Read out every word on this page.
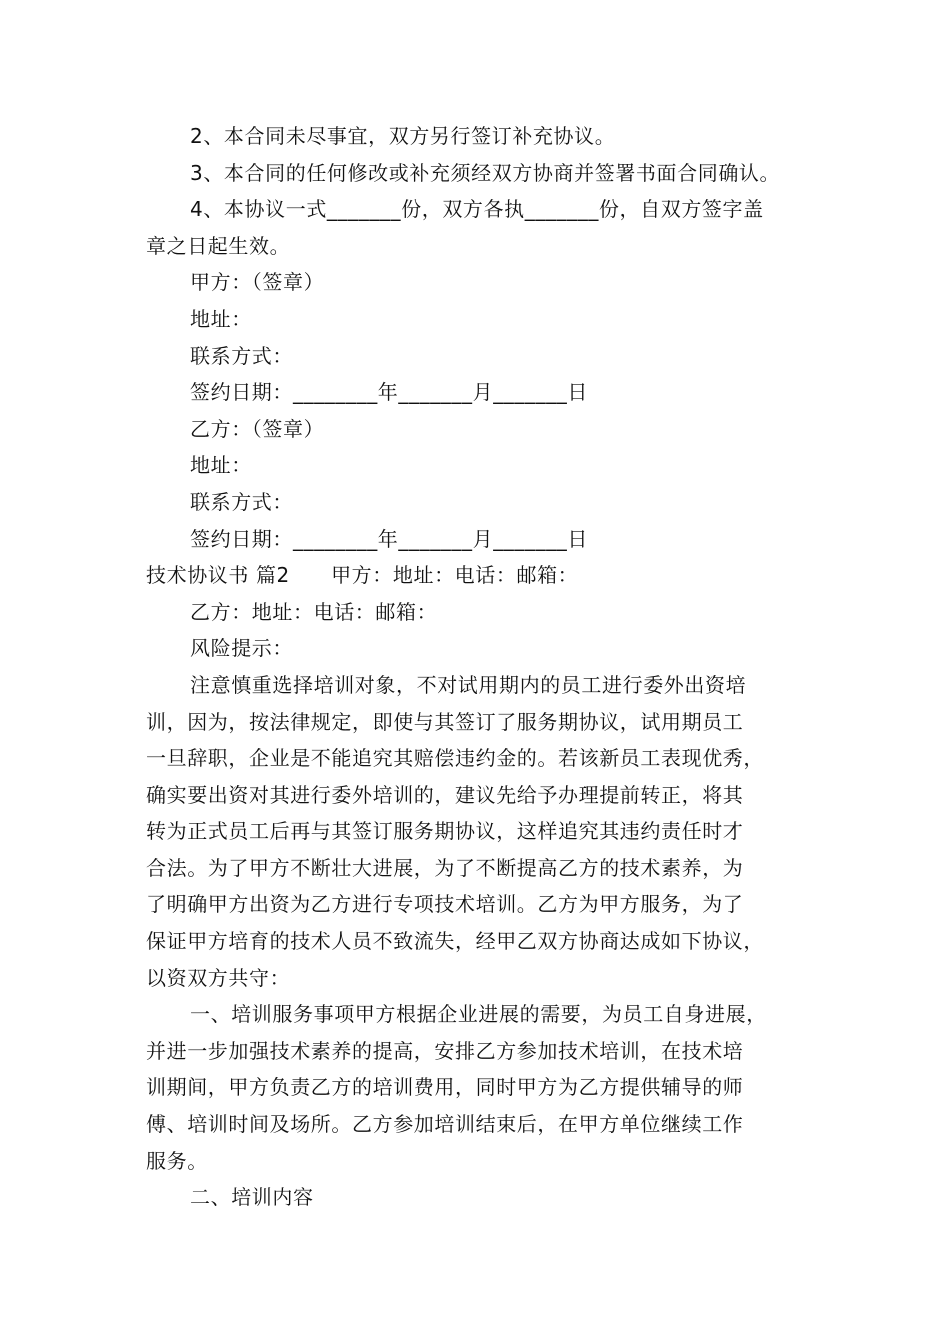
2、本合同未尽事宜，双方另行签订补充协议。
3、本合同的任何修改或补充须经双方协商并签署书面合同确认。
4、本协议一式_______份，双方各执_______份，自双方签字盖
章之日起生效。
甲方：（签章）
地址：
联系方式：
签约日期：________年_______月_______日
乙方：（签章）
地址：
联系方式：
签约日期：________年_______月_______日
技术协议书 篇2　　甲方：地址：电话：邮箱：
乙方：地址：电话：邮箱：
风险提示：
注意慎重选择培训对象，不对试用期内的员工进行委外出资培
训，因为，按法律规定，即使与其签订了服务期协议，试用期员工
一旦辞职，企业是不能追究其赔偿违约金的。若该新员工表现优秀，
确实要出资对其进行委外培训的，建议先给予办理提前转正，将其
转为正式员工后再与其签订服务期协议，这样追究其违约责任时才
合法。为了甲方不断壮大进展，为了不断提高乙方的技术素养，为
了明确甲方出资为乙方进行专项技术培训。乙方为甲方服务，为了
保证甲方培育的技术人员不致流失，经甲乙双方协商达成如下协议，
以资双方共守：
一、培训服务事项甲方根据企业进展的需要，为员工自身进展，
并进一步加强技术素养的提高，安排乙方参加技术培训，在技术培
训期间，甲方负责乙方的培训费用，同时甲方为乙方提供辅导的师
傅、培训时间及场所。乙方参加培训结束后，在甲方单位继续工作
服务。
二、培训内容
